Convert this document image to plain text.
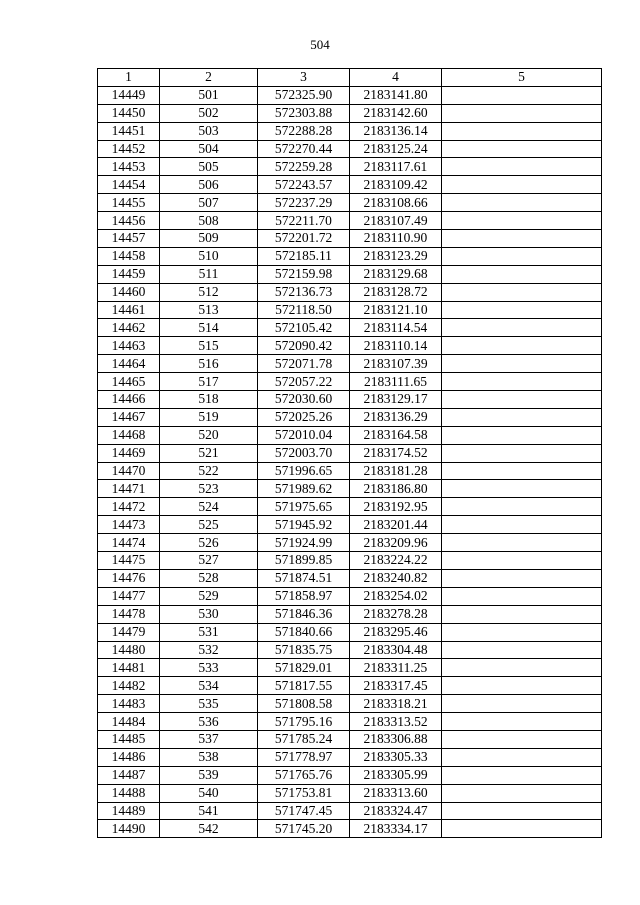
504
1	2	3	4	5
14449	501	572325.90	2183141.80	
14450	502	572303.88	2183142.60	
14451	503	572288.28	2183136.14	
14452	504	572270.44	2183125.24	
14453	505	572259.28	2183117.61	
14454	506	572243.57	2183109.42	
14455	507	572237.29	2183108.66	
14456	508	572211.70	2183107.49	
14457	509	572201.72	2183110.90	
14458	510	572185.11	2183123.29	
14459	511	572159.98	2183129.68	
14460	512	572136.73	2183128.72	
14461	513	572118.50	2183121.10	
14462	514	572105.42	2183114.54	
14463	515	572090.42	2183110.14	
14464	516	572071.78	2183107.39	
14465	517	572057.22	2183111.65	
14466	518	572030.60	2183129.17	
14467	519	572025.26	2183136.29	
14468	520	572010.04	2183164.58	
14469	521	572003.70	2183174.52	
14470	522	571996.65	2183181.28	
14471	523	571989.62	2183186.80	
14472	524	571975.65	2183192.95	
14473	525	571945.92	2183201.44	
14474	526	571924.99	2183209.96	
14475	527	571899.85	2183224.22	
14476	528	571874.51	2183240.82	
14477	529	571858.97	2183254.02	
14478	530	571846.36	2183278.28	
14479	531	571840.66	2183295.46	
14480	532	571835.75	2183304.48	
14481	533	571829.01	2183311.25	
14482	534	571817.55	2183317.45	
14483	535	571808.58	2183318.21	
14484	536	571795.16	2183313.52	
14485	537	571785.24	2183306.88	
14486	538	571778.97	2183305.33	
14487	539	571765.76	2183305.99	
14488	540	571753.81	2183313.60	
14489	541	571747.45	2183324.47	
14490	542	571745.20	2183334.17	
